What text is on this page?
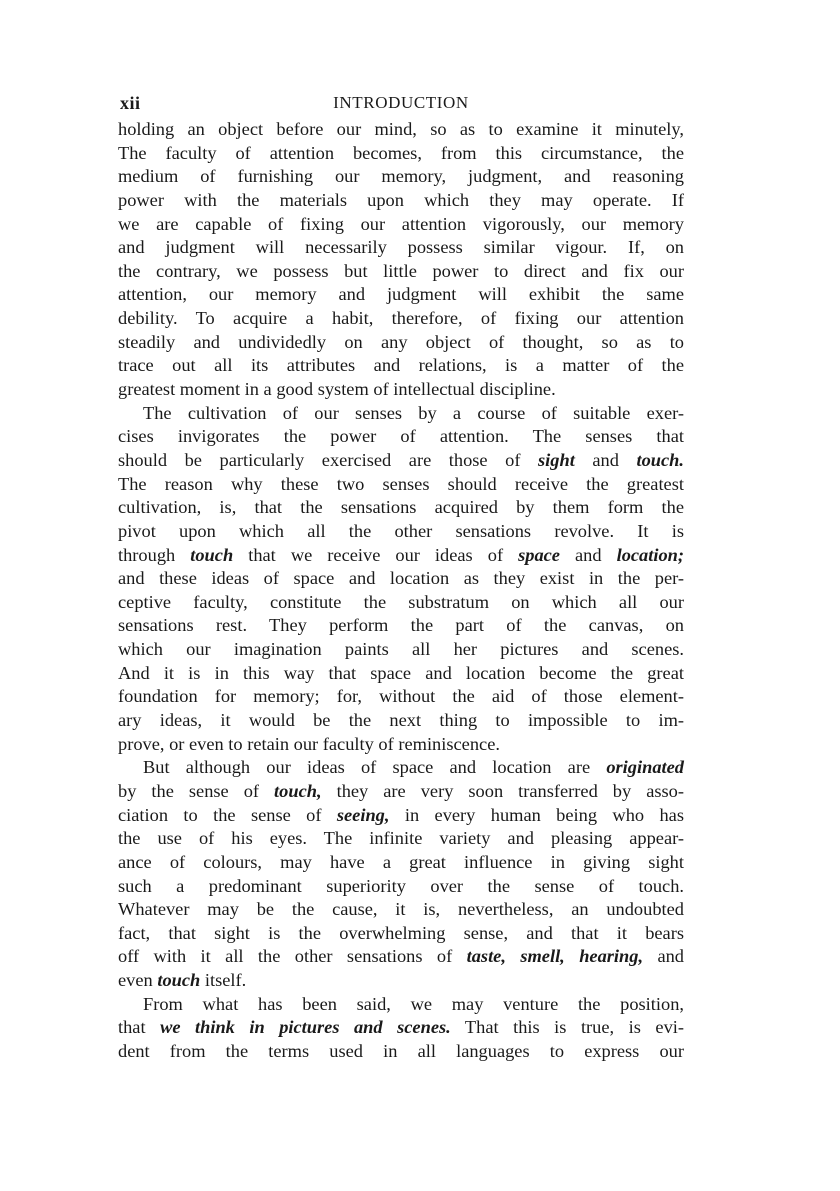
xii	INTRODUCTION
holding an object before our mind, so as to examine it minutely,
The faculty of attention becomes, from this circumstance, the
medium of furnishing our memory, judgment, and reasoning
power with the materials upon which they may operate. If
we are capable of fixing our attention vigorously, our memory
and judgment will necessarily possess similar vigour. If, on
the contrary, we possess but little power to direct and fix our
attention, our memory and judgment will exhibit the same
debility. To acquire a habit, therefore, of fixing our attention
steadily and undividedly on any object of thought, so as to
trace out all its attributes and relations, is a matter of the
greatest moment in a good system of intellectual discipline.
The cultivation of our senses by a course of suitable exer-
cises invigorates the power of attention. The senses that
should be particularly exercised are those of sight and touch.
The reason why these two senses should receive the greatest
cultivation, is, that the sensations acquired by them form the
pivot upon which all the other sensations revolve. It is
through touch that we receive our ideas of space and location;
and these ideas of space and location as they exist in the per-
ceptive faculty, constitute the substratum on which all our
sensations rest. They perform the part of the canvas, on
which our imagination paints all her pictures and scenes.
And it is in this way that space and location become the great
foundation for memory; for, without the aid of those element-
ary ideas, it would be the next thing to impossible to im-
prove, or even to retain our faculty of reminiscence.
But although our ideas of space and location are originated
by the sense of touch, they are very soon transferred by asso-
ciation to the sense of seeing, in every human being who has
the use of his eyes. The infinite variety and pleasing appear-
ance of colours, may have a great influence in giving sight
such a predominant superiority over the sense of touch.
Whatever may be the cause, it is, nevertheless, an undoubted
fact, that sight is the overwhelming sense, and that it bears
off with it all the other sensations of taste, smell, hearing, and
even touch itself.
From what has been said, we may venture the position,
that we think in pictures and scenes. That this is true, is evi-
dent from the terms used in all languages to express our
